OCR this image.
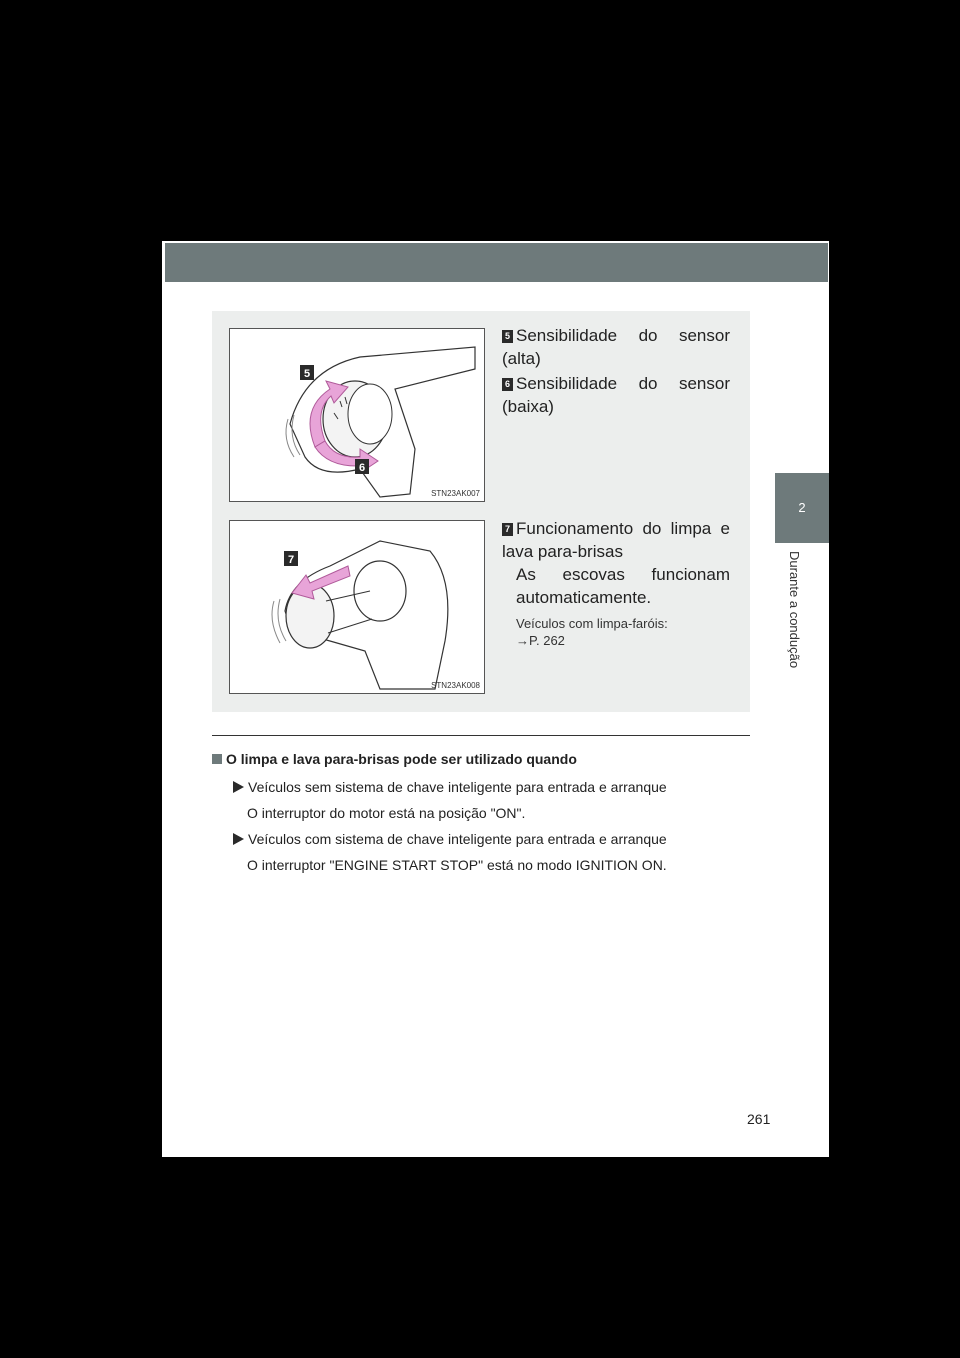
2
Durante a condução
5
6
STN23AK007
7
STN23AK008
5 Sensibilidade do sensor (alta)
6 Sensibilidade do sensor (baixa)
7 Funcionamento do limpa e lava para-brisas
As escovas funcionam automaticamente.
Veículos com limpa-faróis:
→P. 262
O limpa e lava para-brisas pode ser utilizado quando
Veículos sem sistema de chave inteligente para entrada e arranque
O interruptor do motor está na posição "ON".
Veículos com sistema de chave inteligente para entrada e arranque
O interruptor "ENGINE START STOP" está no modo IGNITION ON.
261
